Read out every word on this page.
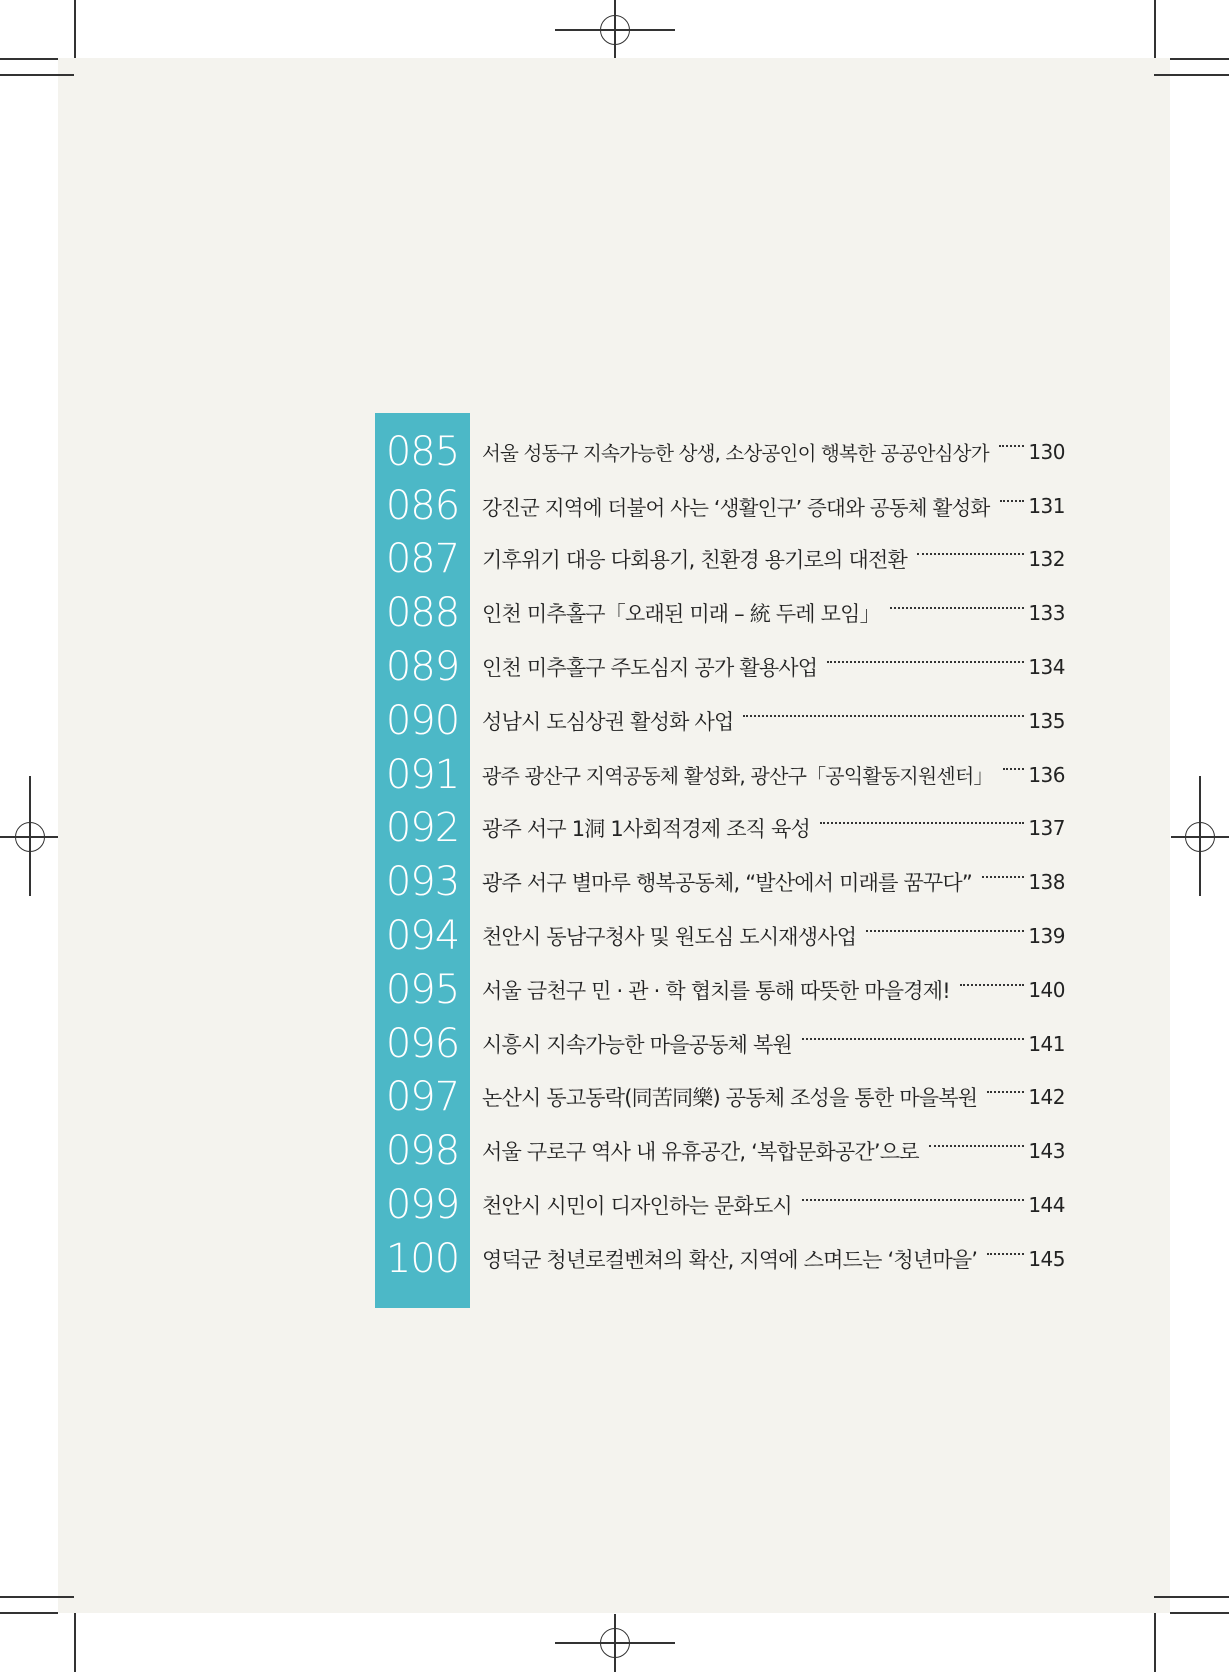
085	서울 성동구 지속가능한 상생, 소상공인이 행복한 공공안심상가 130
086	강진군 지역에 더불어 사는 ‘생활인구’ 증대와 공동체 활성화 131
087	기후위기 대응 다회용기, 친환경 용기로의 대전환	132
088	인천 미추홀구「오래된 미래 – 統 두레 모임」	133
089	인천 미추홀구 주도심지 공가 활용사업	134
090	성남시 도심상권 활성화 사업	135
091	광주 광산구 지역공동체 활성화, 광산구「공익활동지원센터」 136
092	광주 서구 1洞 1사회적경제 조직 육성	137
093	광주 서구 별마루 행복공동체, “발산에서 미래를 꿈꾸다”	138
094	천안시 동남구청사 및 원도심 도시재생사업	139
095	서울 금천구 민 · 관 · 학 협치를 통해 따뜻한 마을경제!	140
096	시흥시 지속가능한 마을공동체 복원	141
097	논산시 동고동락(同苦同樂) 공동체 조성을 통한 마을복원	142
098	서울 구로구 역사 내 유휴공간, ‘복합문화공간’으로	143
099	천안시 시민이 디자인하는 문화도시	144
100	영덕군 청년로컬벤쳐의 확산, 지역에 스며드는 ‘청년마을’	145
